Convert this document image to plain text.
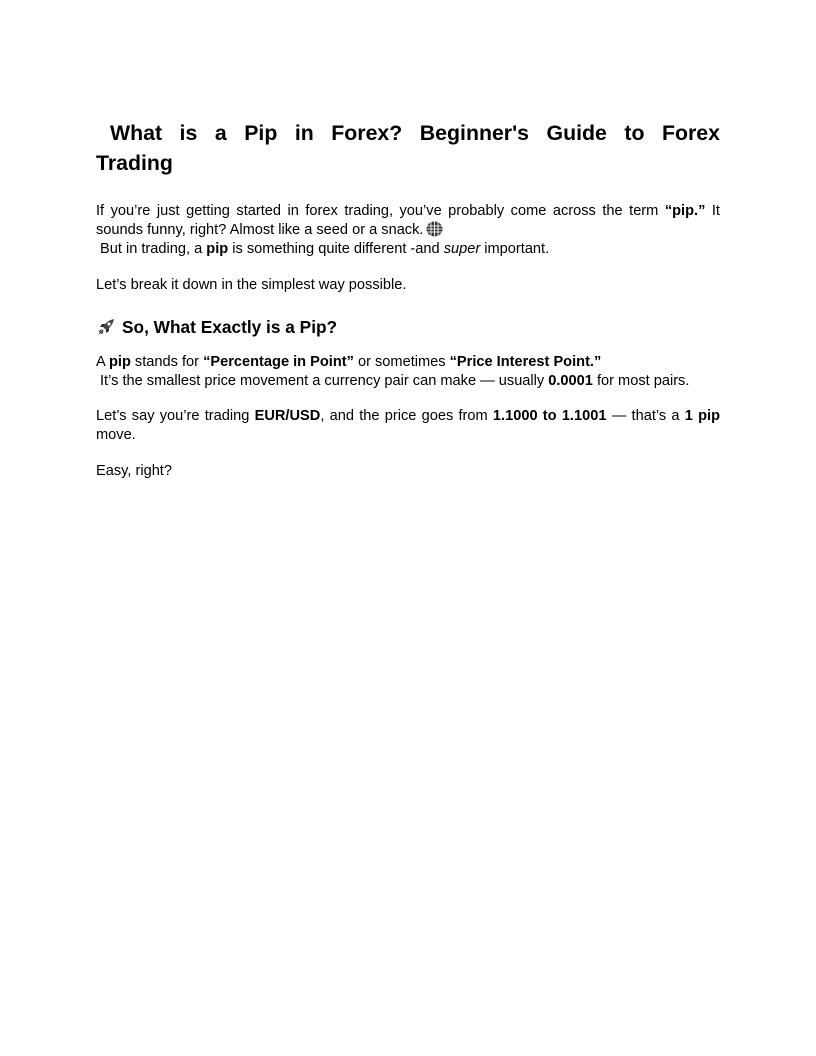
What is a Pip in Forex? Beginner's Guide to Forex
Trading

If you’re just getting started in forex trading, you’ve probably come across the term “pip.” It
sounds funny, right? Almost like a seed or a snack.
But in trading, a pip is something quite different -and super important.

Let’s break it down in the simplest way possible.

So, What Exactly is a Pip?

A pip stands for “Percentage in Point” or sometimes “Price Interest Point.”
It’s the smallest price movement a currency pair can make — usually 0.0001 for most pairs.

Let’s say you’re trading EUR/USD, and the price goes from 1.1000 to 1.1001 — that’s a 1 pip
move.

Easy, right?
